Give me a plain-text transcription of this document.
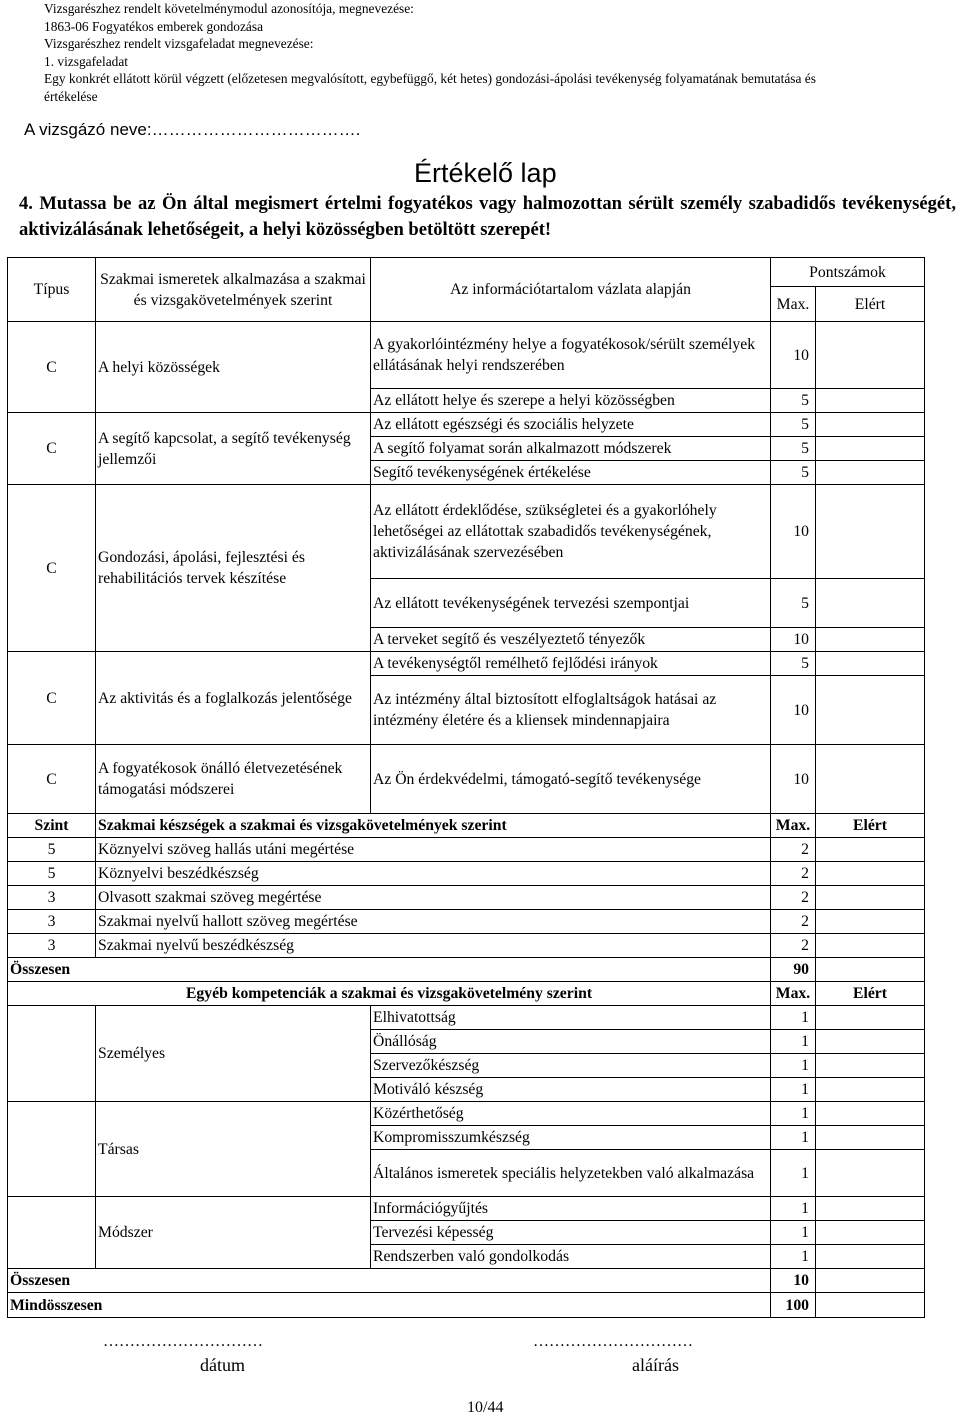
Vizsgarészhez rendelt követelménymodul azonosítója, megnevezése:
1863-06 Fogyatékos emberek gondozása
Vizsgarészhez rendelt vizsgafeladat megnevezése:
1. vizsgafeladat
Egy konkrét ellátott körül végzett (előzetesen megvalósított, egybefüggő, két hetes) gondozási-ápolási tevékenység folyamatának bemutatása és
értékelése
A vizsgázó neve:……………………………….
Értékelő lap
4. Mutassa be az Ön által megismert értelmi fogyatékos vagy halmozottan sérült személy szabadidős tevékenységét, aktivizálásának lehetőségeit, a helyi közösségben betöltött szerepét!
Típus	Szakmai ismeretek alkalmazása a szakmai és vizsgakövetelmények szerint	Az információtartalom vázlata alapján	Pontszámok	
			Max.	Elért
C	A helyi közösségek	A gyakorlóintézmény helye a fogyatékosok/sérült személyek ellátásának helyi rendszerében	10	
		Az ellátott helye és szerepe a helyi közösségben	5	
C	A segítő kapcsolat, a segítő tevékenység jellemzői	Az ellátott egészségi és szociális helyzete	5	
		A segítő folyamat során alkalmazott módszerek	5	
		Segítő tevékenységének értékelése	5	
C	Gondozási, ápolási, fejlesztési és rehabilitációs tervek készítése	Az ellátott érdeklődése, szükségletei és a gyakorlóhely lehetőségei az ellátottak szabadidős tevékenységének, aktivizálásának szervezésében	10	
		Az ellátott tevékenységének tervezési szempontjai	5	
		A terveket segítő és veszélyeztető tényezők	10	
C	Az aktivitás és a foglalkozás jelentősége	A tevékenységtől remélhető fejlődési irányok	5	
		Az intézmény által biztosított elfoglaltságok hatásai az intézmény életére és a kliensek mindennapjaira	10	
C	A fogyatékosok önálló életvezetésének támogatási módszerei	Az Ön érdekvédelmi, támogató-segítő tevékenysége	10	
Szint	Szakmai készségek a szakmai és vizsgakövetelmények szerint		Max.	Elért
5	Köznyelvi szöveg hallás utáni megértése		2	
5	Köznyelvi beszédkészség		2	
3	Olvasott szakmai szöveg megértése		2	
3	Szakmai nyelvű hallott szöveg megértése		2	
3	Szakmai nyelvű beszédkészség		2	
Összesen			90	
Egyéb kompetenciák a szakmai és vizsgakövetelmény szerint			Max.	Elért
	Személyes	Elhivatottság	1	
		Önállóság	1	
		Szervezőkészség	1	
		Motiváló készség	1	
	Társas	Közérthetőség	1	
		Kompromisszumkészség	1	
		Általános ismeretek speciális helyzetekben való alkalmazása	1	
	Módszer	Információgyűjtés	1	
		Tervezési képesség	1	
		Rendszerben való gondolkodás	1	
Összesen			10	
Mindösszesen			100	
…………………………
dátum
…………………………
aláírás
10/44
